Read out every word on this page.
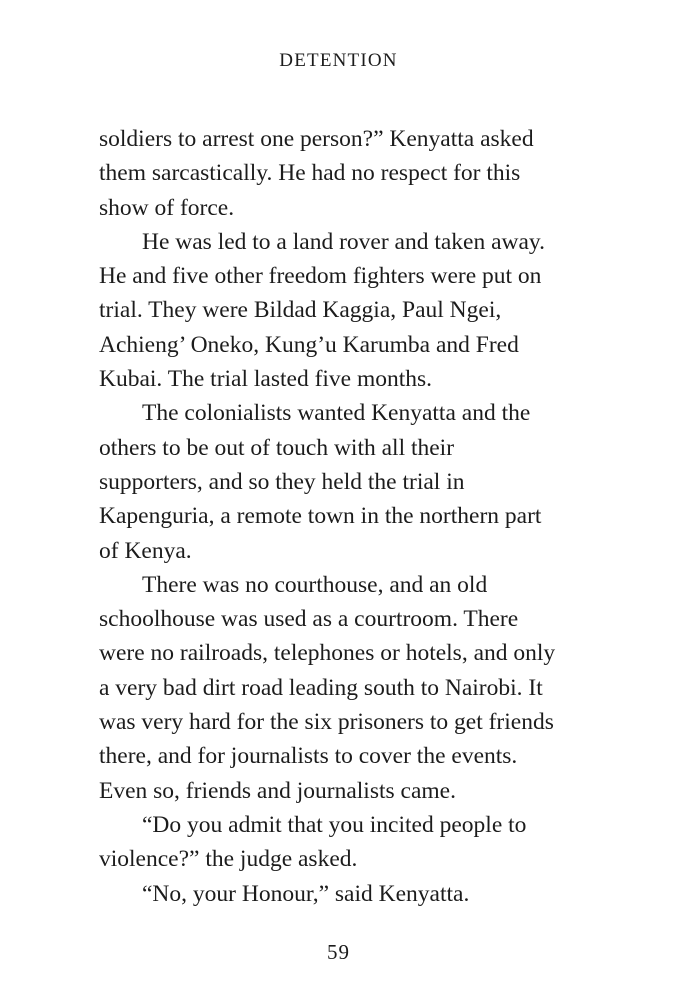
DETENTION
soldiers to arrest one person?” Kenyatta asked
them sarcastically. He had no respect for this
show of force.
He was led to a land rover and taken away.
He and five other freedom fighters were put on
trial. They were Bildad Kaggia, Paul Ngei,
Achieng’ Oneko, Kung’u Karumba and Fred
Kubai. The trial lasted five months.
The colonialists wanted Kenyatta and the
others to be out of touch with all their
supporters, and so they held the trial in
Kapenguria, a remote town in the northern part
of Kenya.
There was no courthouse, and an old
schoolhouse was used as a courtroom. There
were no railroads, telephones or hotels, and only
a very bad dirt road leading south to Nairobi. It
was very hard for the six prisoners to get friends
there, and for journalists to cover the events.
Even so, friends and journalists came.
“Do you admit that you incited people to
violence?” the judge asked.
“No, your Honour,” said Kenyatta.
59
